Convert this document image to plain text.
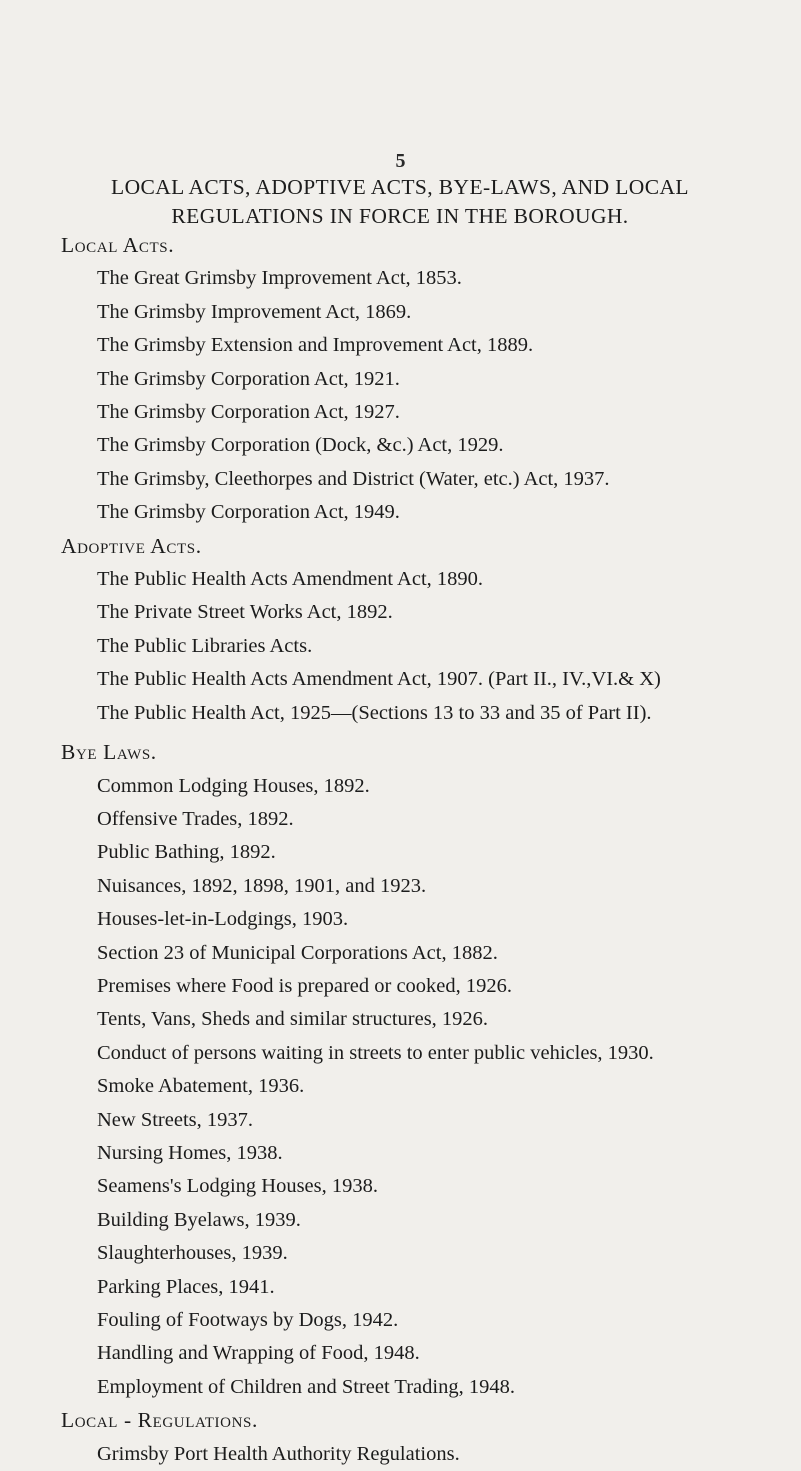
5
LOCAL ACTS, ADOPTIVE ACTS, BYE-LAWS, AND LOCAL
REGULATIONS IN FORCE IN THE BOROUGH.
Local Acts.
The Great Grimsby Improvement Act, 1853.
The Grimsby Improvement Act, 1869.
The Grimsby Extension and Improvement Act, 1889.
The Grimsby Corporation Act, 1921.
The Grimsby Corporation Act, 1927.
The Grimsby Corporation (Dock, &c.) Act, 1929.
The Grimsby, Cleethorpes and District (Water, etc.) Act, 1937.
The Grimsby Corporation Act, 1949.
Adoptive Acts.
The Public Health Acts Amendment Act, 1890.
The Private Street Works Act, 1892.
The Public Libraries Acts.
The Public Health Acts Amendment Act, 1907. (Part II., IV.,VI.& X)
The Public Health Act, 1925—(Sections 13 to 33 and 35 of Part II).
Bye Laws.
Common Lodging Houses, 1892.
Offensive Trades, 1892.
Public Bathing, 1892.
Nuisances, 1892, 1898, 1901, and 1923.
Houses-let-in-Lodgings, 1903.
Section 23 of Municipal Corporations Act, 1882.
Premises where Food is prepared or cooked, 1926.
Tents, Vans, Sheds and similar structures, 1926.
Conduct of persons waiting in streets to enter public vehicles, 1930.
Smoke Abatement, 1936.
New Streets, 1937.
Nursing Homes, 1938.
Seamens's Lodging Houses, 1938.
Building Byelaws, 1939.
Slaughterhouses, 1939.
Parking Places, 1941.
Fouling of Footways by Dogs, 1942.
Handling and Wrapping of Food, 1948.
Employment of Children and Street Trading, 1948.
Local - Regulations.
Grimsby Port Health Authority Regulations.
